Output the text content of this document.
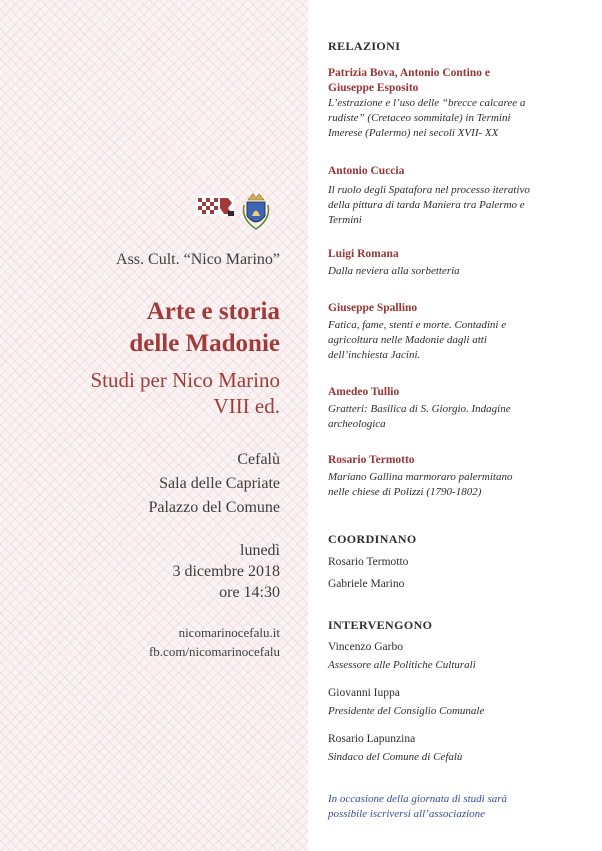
Ass. Cult. “Nico Marino”
Arte e storia
delle Madonie
Studi per Nico Marino
VIII ed.
Cefalù
Sala delle Capriate
Palazzo del Comune
lunedì
3 dicembre 2018
ore 14:30
nicomarinocefalu.it
fb.com/nicomarinocefalu
RELAZIONI
Patrizia Bova, Antonio Contino e
Giuseppe Esposito
L’estrazione e l’uso delle “brecce calcaree a
rudiste” (Cretaceo sommitale) in Termini
Imerese (Palermo) nei secoli XVII- XX
Antonio Cuccia
Il ruolo degli Spatafora nel processo iterativo
della pittura di tarda Maniera tra Palermo e
Termini
Luigi Romana
Dalla neviera alla sorbetteria
Giuseppe Spallino
Fatica, fame, stenti e morte. Contadini e
agricoltura nelle Madonie dagli atti
dell’inchiesta Jacini.
Amedeo Tullio
Gratteri: Basilica di S. Giorgio. Indagine
archeologica
Rosario Termotto
Mariano Gallina marmoraro palermitano
nelle chiese di Polizzi (1790-1802)
COORDINANO
Rosario Termotto
Gabriele Marino
INTERVENGONO
Vincenzo Garbo
Assessore alle Politiche Culturali
Giovanni Iuppa
Presidente del Consiglio Comunale
Rosario Lapunzina
Sindaco del Comune di Cefalù
In occasione della giornata di studi sarà
possibile iscriversi all’associazione
